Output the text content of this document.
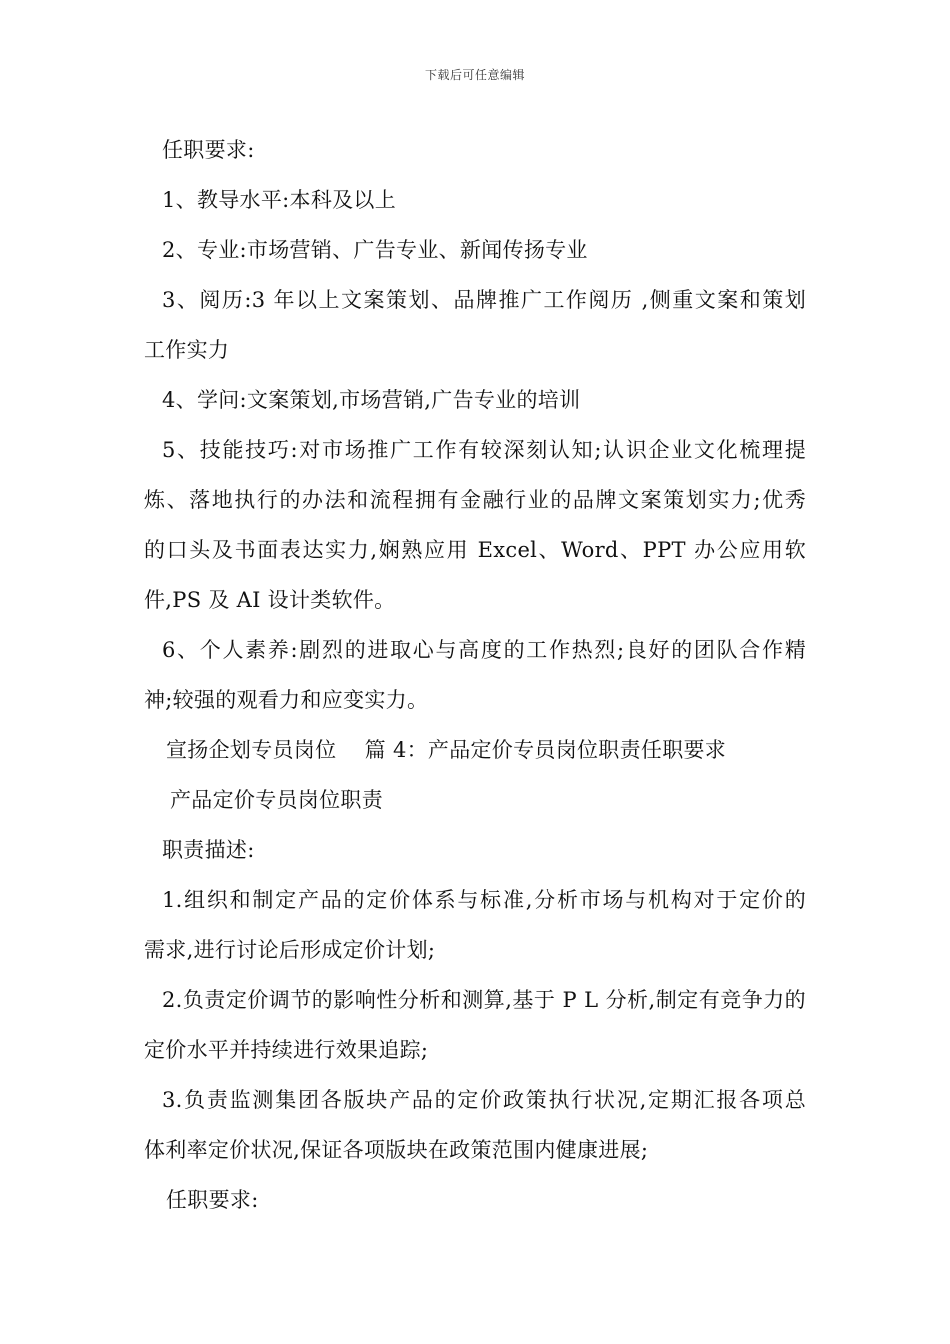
下载后可任意编辑
任职要求:
1、教导水平:本科及以上
2、专业:市场营销、广告专业、新闻传扬专业
3、阅历:3 年以上文案策划、品牌推广工作阅历 ,侧重文案和策划
工作实力
4、学问:文案策划,市场营销,广告专业的培训
5、技能技巧:对市场推广工作有较深刻认知;认识企业文化梳理提
炼、落地执行的办法和流程拥有金融行业的品牌文案策划实力;优秀
的口头及书面表达实力,娴熟应用 Excel、Word、PPT 办公应用软
件,PS 及 AI 设计类软件。
6、个人素养:剧烈的进取心与高度的工作热烈;良好的团队合作精
神;较强的观看力和应变实力。
宣扬企划专员岗位　 篇 4：产品定价专员岗位职责任职要求
产品定价专员岗位职责
职责描述:
1.组织和制定产品的定价体系与标准,分析市场与机构对于定价的
需求,进行讨论后形成定价计划;
2.负责定价调节的影响性分析和测算,基于 P L 分析,制定有竞争力的
定价水平并持续进行效果追踪;
3.负责监测集团各版块产品的定价政策执行状况,定期汇报各项总
体利率定价状况,保证各项版块在政策范围内健康进展;
任职要求:
